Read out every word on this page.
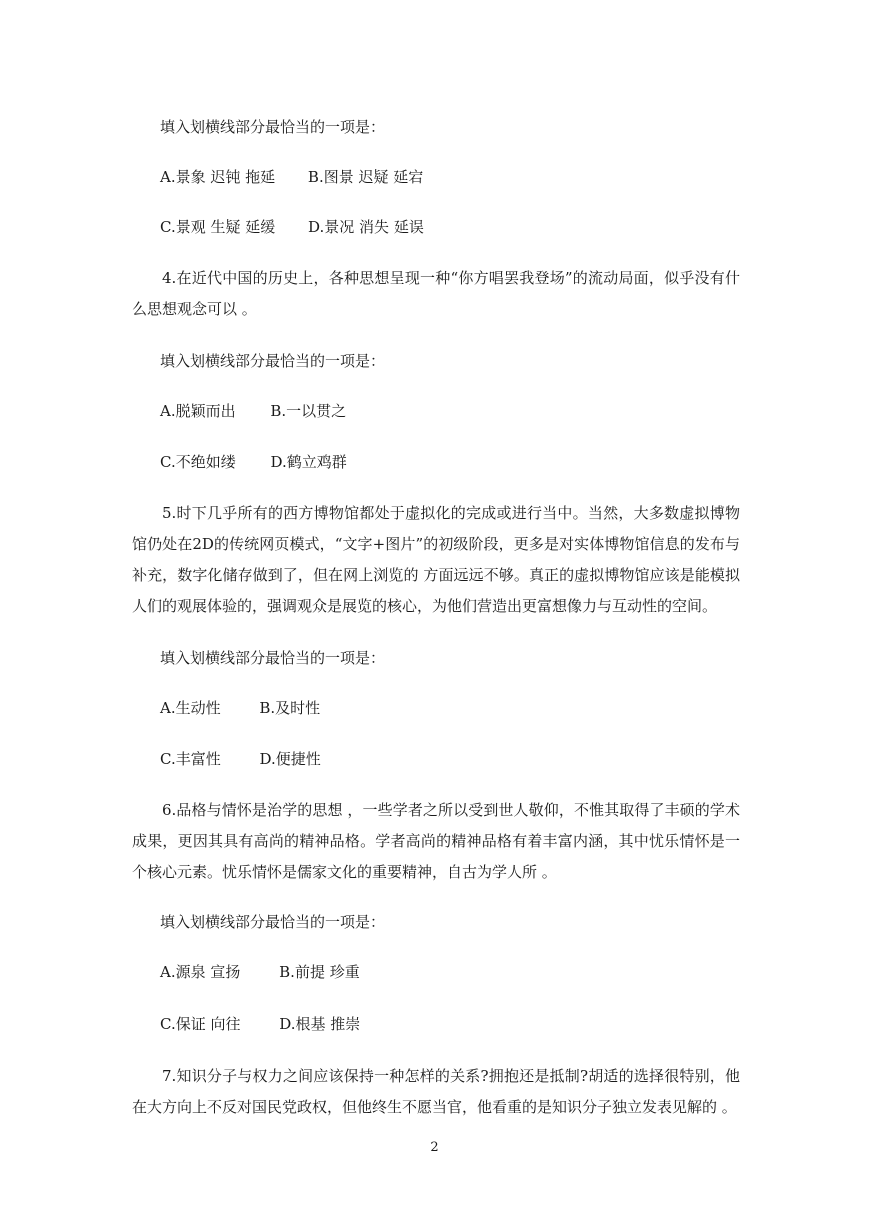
填入划横线部分最恰当的一项是：
A.景象 迟钝 拖延 B.图景 迟疑 延宕
C.景观 生疑 延缓 D.景况 消失 延误
4.在近代中国的历史上，各种思想呈现一种“你方唱罢我登场”的流动局面，似乎没有什么思想观念可以 。
填入划横线部分最恰当的一项是：
A.脱颖而出 B.一以贯之
C.不绝如缕 D.鹤立鸡群
5.时下几乎所有的西方博物馆都处于虚拟化的完成或进行当中。当然，大多数虚拟博物馆仍处在2D的传统网页模式，“文字+图片”的初级阶段，更多是对实体博物馆信息的发布与补充，数字化储存做到了，但在网上浏览的 方面远远不够。真正的虚拟博物馆应该是能模拟人们的观展体验的，强调观众是展览的核心，为他们营造出更富想像力与互动性的空间。
填入划横线部分最恰当的一项是：
A.生动性	B.及时性
C.丰富性	D.便捷性
6.品格与情怀是治学的思想 ，一些学者之所以受到世人敬仰，不惟其取得了丰硕的学术成果，更因其具有高尚的精神品格。学者高尚的精神品格有着丰富内涵，其中忧乐情怀是一个核心元素。忧乐情怀是儒家文化的重要精神，自古为学人所 。
填入划横线部分最恰当的一项是：
A.源泉 宣扬	B.前提 珍重
C.保证 向往	D.根基 推崇
7.知识分子与权力之间应该保持一种怎样的关系?拥抱还是抵制?胡适的选择很特别，他在大方向上不反对国民党政权，但他终生不愿当官，他看重的是知识分子独立发表见解的 。
2
